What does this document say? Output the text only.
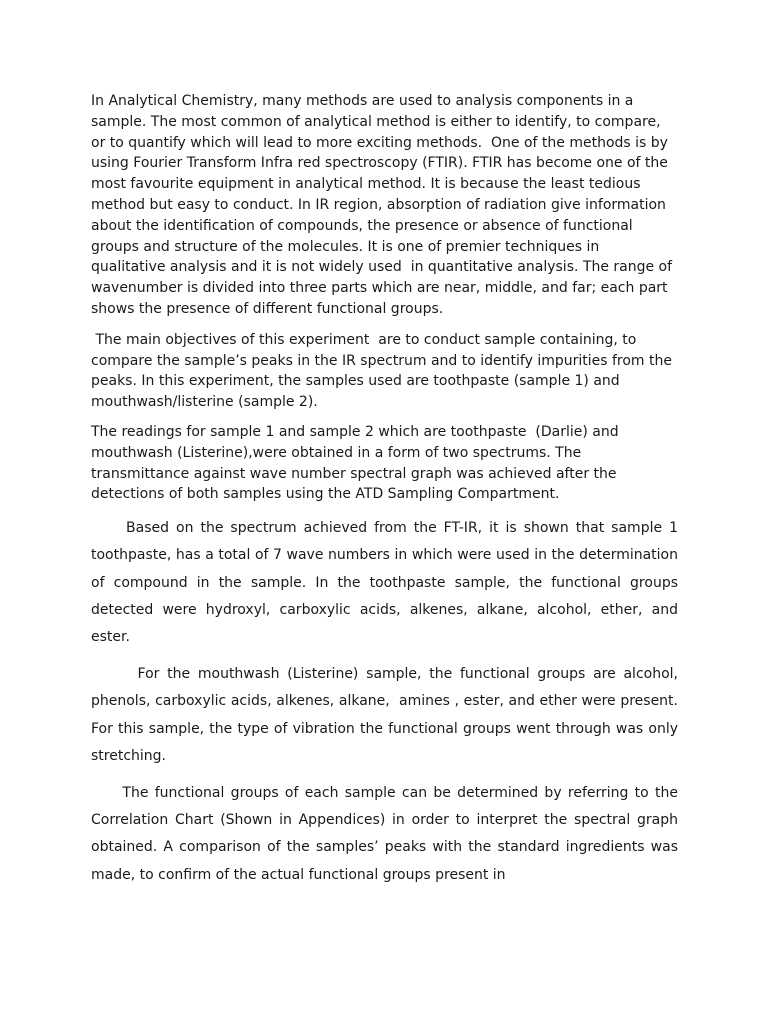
In Analytical Chemistry, many methods are used to analysis components in a sample. The most common of analytical method is either to identify, to compare, or to quantify which will lead to more exciting methods.  One of the methods is by using Fourier Transform Infra red spectroscopy (FTIR). FTIR has become one of the most favourite equipment in analytical method. It is because the least tedious method but easy to conduct. In IR region, absorption of radiation give information about the identification of compounds, the presence or absence of functional groups and structure of the molecules. It is one of premier techniques in qualitative analysis and it is not widely used  in quantitative analysis. The range of wavenumber is divided into three parts which are near, middle, and far; each part shows the presence of different functional groups.

The main objectives of this experiment  are to conduct sample containing, to compare the sample’s peaks in the IR spectrum and to identify impurities from the peaks. In this experiment, the samples used are toothpaste (sample 1) and mouthwash/listerine (sample 2).

The readings for sample 1 and sample 2 which are toothpaste  (Darlie) and mouthwash (Listerine),were obtained in a form of two spectrums. The transmittance against wave number spectral graph was achieved after the detections of both samples using the ATD Sampling Compartment.

Based on the spectrum achieved from the FT-IR, it is shown that sample 1 toothpaste, has a total of 7 wave numbers in which were used in the determination of compound in the sample. In the toothpaste sample, the functional groups detected were hydroxyl, carboxylic acids, alkenes, alkane, alcohol, ether, and ester.

For the mouthwash (Listerine) sample, the functional groups are alcohol, phenols, carboxylic acids, alkenes, alkane,  amines , ester, and ether were present. For this sample, the type of vibration the functional groups went through was only stretching.

The functional groups of each sample can be determined by referring to the Correlation Chart (Shown in Appendices) in order to interpret the spectral graph obtained. A comparison of the samples’ peaks with the standard ingredients was made, to confirm of the actual functional groups present in
